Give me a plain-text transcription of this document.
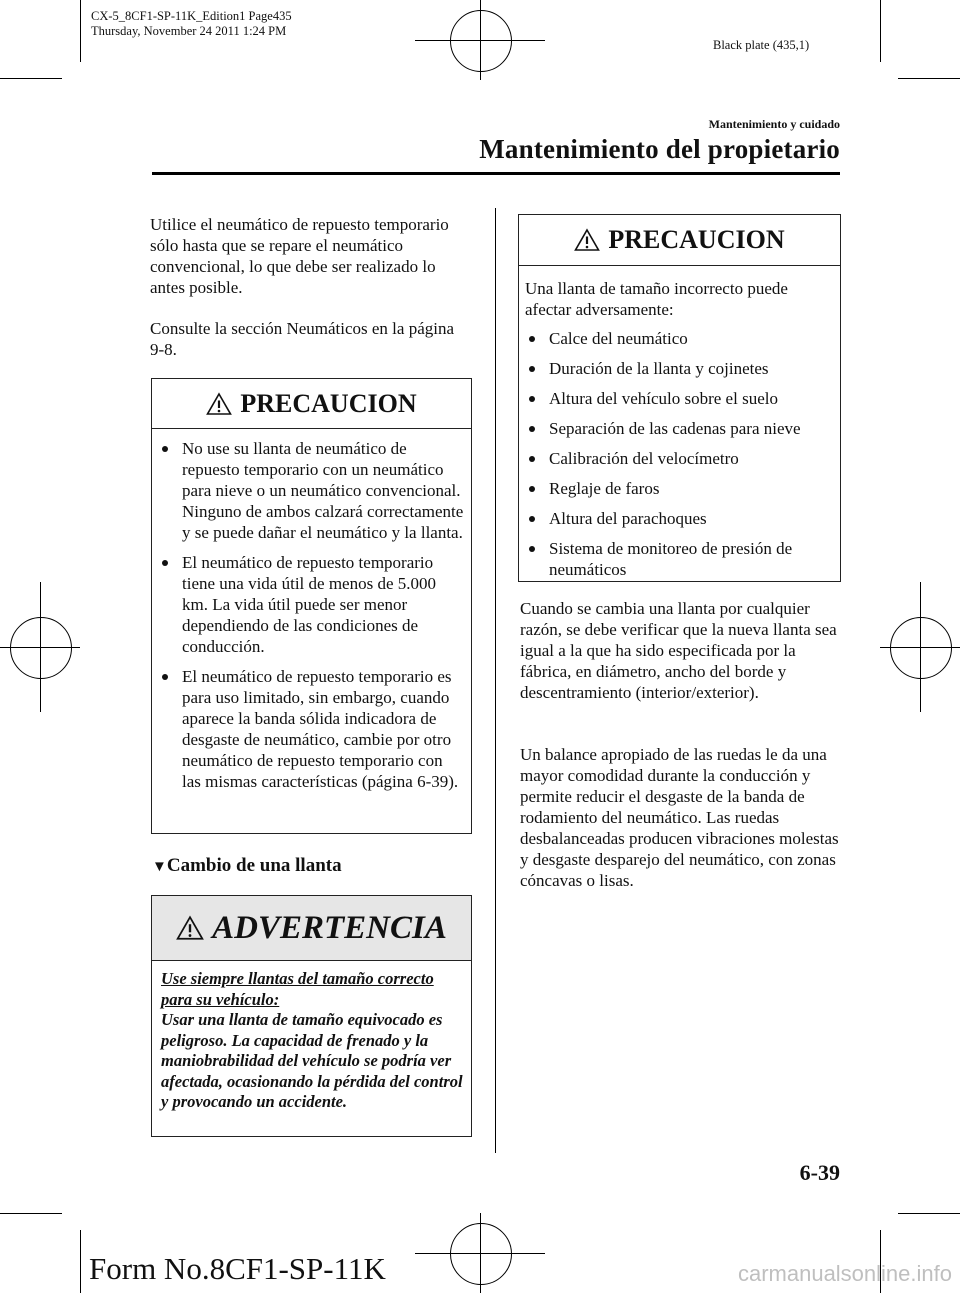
CX-5_8CF1-SP-11K_Edition1 Page435
Thursday, November 24 2011 1:24 PM
Black plate (435,1)
Mantenimiento y cuidado
Mantenimiento del propietario
Utilice el neumático de repuesto temporario sólo hasta que se repare el neumático convencional, lo que debe ser realizado lo antes posible.
Consulte la sección Neumáticos en la página 9-8.
PRECAUCION
No use su llanta de neumático de repuesto temporario con un neumático para nieve o un neumático convencional. Ninguno de ambos calzará correctamente y se puede dañar el neumático y la llanta.
El neumático de repuesto temporario tiene una vida útil de menos de 5.000 km. La vida útil puede ser menor dependiendo de las condiciones de conducción.
El neumático de repuesto temporario es para uso limitado, sin embargo, cuando aparece la banda sólida indicadora de desgaste de neumático, cambie por otro neumático de repuesto temporario con las mismas características (página 6-39).
▼Cambio de una llanta
ADVERTENCIA
Use siempre llantas del tamaño correcto para su vehículo:
Usar una llanta de tamaño equivocado es peligroso. La capacidad de frenado y la maniobrabilidad del vehículo se podría ver afectada, ocasionando la pérdida del control y provocando un accidente.
PRECAUCION
Una llanta de tamaño incorrecto puede afectar adversamente:
Calce del neumático
Duración de la llanta y cojinetes
Altura del vehículo sobre el suelo
Separación de las cadenas para nieve
Calibración del velocímetro
Reglaje de faros
Altura del parachoques
Sistema de monitoreo de presión de neumáticos
Cuando se cambia una llanta por cualquier razón, se debe verificar que la nueva llanta sea igual a la que ha sido especificada por la fábrica, en diámetro, ancho del borde y descentramiento (interior/exterior).
Un balance apropiado de las ruedas le da una mayor comodidad durante la conducción y permite reducir el desgaste de la banda de rodamiento del neumático. Las ruedas desbalanceadas producen vibraciones molestas y desgaste desparejo del neumático, con zonas cóncavas o lisas.
6-39
Form No.8CF1-SP-11K	carmanualsonline.info
